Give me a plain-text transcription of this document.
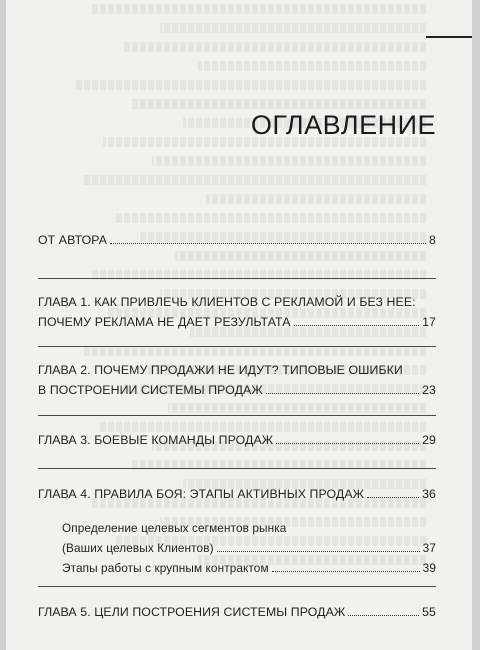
ОГЛАВЛЕНИЕ
ОТ АВТОРА	8
ГЛАВА 1. КАК ПРИВЛЕЧЬ КЛИЕНТОВ С РЕКЛАМОЙ И БЕЗ НЕЕ:
ПОЧЕМУ РЕКЛАМА НЕ ДАЕТ РЕЗУЛЬТАТА	17
ГЛАВА 2. ПОЧЕМУ ПРОДАЖИ НЕ ИДУТ? ТИПОВЫЕ ОШИБКИ
В ПОСТРОЕНИИ СИСТЕМЫ ПРОДАЖ	23
ГЛАВА 3. БОЕВЫЕ КОМАНДЫ ПРОДАЖ	29
ГЛАВА 4. ПРАВИЛА БОЯ: ЭТАПЫ АКТИВНЫХ ПРОДАЖ	36
Определение целевых сегментов рынка
(Ваших целевых Клиентов)	37
Этапы работы с крупным контрактом	39
ГЛАВА 5. ЦЕЛИ ПОСТРОЕНИЯ СИСТЕМЫ ПРОДАЖ	55
